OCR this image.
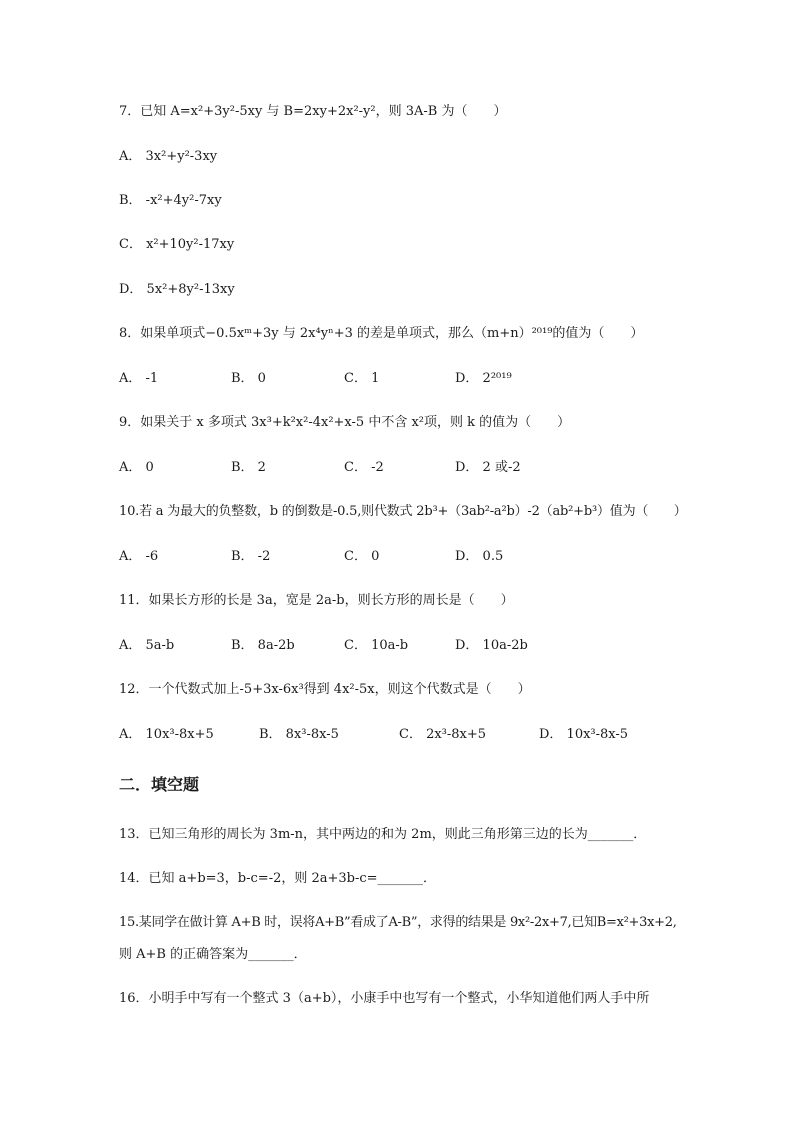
7．已知 A=x²+3y²-5xy 与 B=2xy+2x²-y²，则 3A-B 为（　　）
A． 3x²+y²-3xy
B． -x²+4y²-7xy
C． x²+10y²-17xy
D． 5x²+8y²-13xy
8．如果单项式−0.5xᵐ+3y 与 2x⁴yⁿ+3 的差是单项式，那么（m+n）²⁰¹⁹的值为（　　）
A． -1	B． 0	C． 1	D． 2²⁰¹⁹
9．如果关于 x 多项式 3x³+k²x²-4x²+x-5 中不含 x²项，则 k 的值为（　　）
A． 0	B． 2	C． -2	D． 2 或-2
10.若 a 为最大的负整数，b 的倒数是-0.5,则代数式 2b³+（3ab²-a²b）-2（ab²+b³）值为（　　）
A． -6	B． -2	C． 0	D． 0.5
11．如果长方形的长是 3a，宽是 2a-b，则长方形的周长是（　　）
A． 5a-b	B． 8a-2b	C． 10a-b	D． 10a-2b
12．一个代数式加上-5+3x-6x³得到 4x²-5x，则这个代数式是（　　）
A． 10x³-8x+5	B． 8x³-8x-5	C． 2x³-8x+5	D． 10x³-8x-5
二．填空题
13．已知三角形的周长为 3m-n，其中两边的和为 2m，则此三角形第三边的长为_______．
14．已知 a+b=3，b-c=-2，则 2a+3b-c=_______．
15.某同学在做计算 A+B 时，误将A+B”看成了A-B”，求得的结果是 9x²-2x+7,已知B=x²+3x+2,
则 A+B 的正确答案为_______．
16．小明手中写有一个整式 3（a+b），小康手中也写有一个整式，小华知道他们两人手中所
